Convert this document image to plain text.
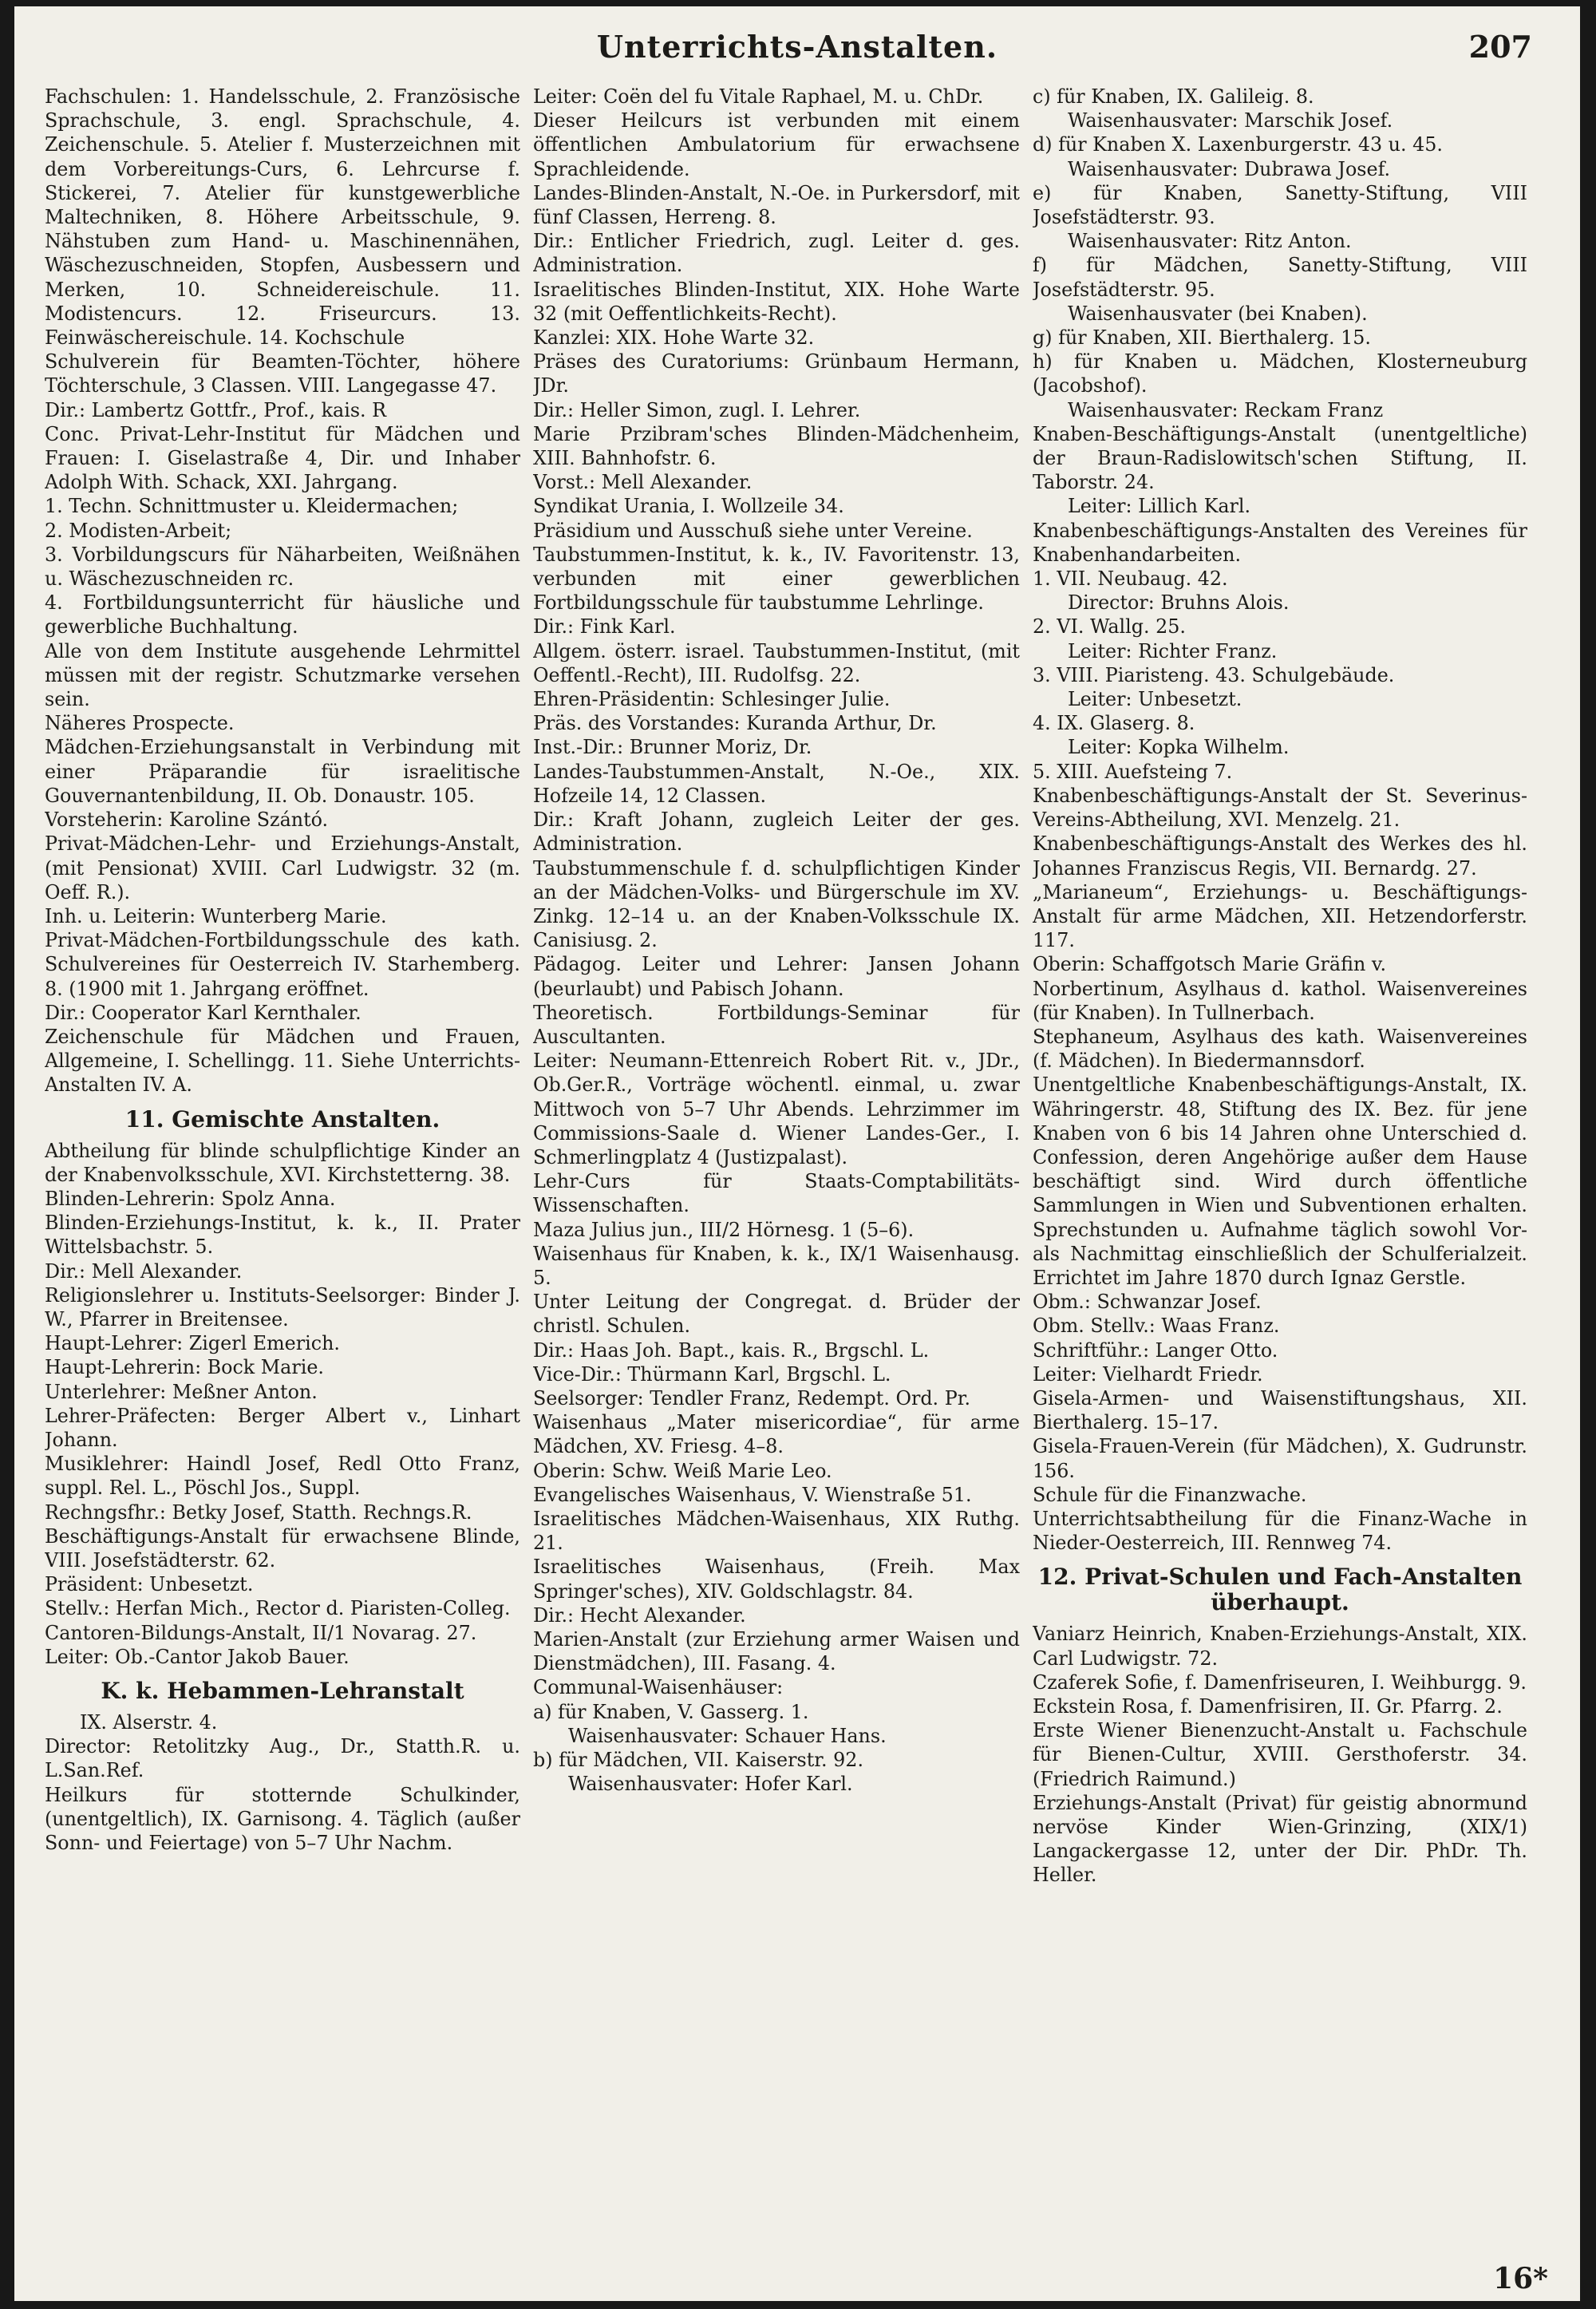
Unterrichts-Anstalten.	207

Fachschulen: 1. Handelsschule, 2. Französische Sprachschule, 3. engl. Sprachschule, 4. Zeichenschule. 5. Atelier f. Musterzeichnen mit dem Vorbereitungs-Curs, 6. Lehrcurse f. Stickerei, 7. Atelier für kunstgewerbliche Maltechniken, 8. Höhere Arbeitsschule, 9. Nähstuben zum Hand- u. Maschinennähen, Wäschezuschneiden, Stopfen, Ausbessern und Merken, 10. Schneidereischule. 11. Modistencurs. 12. Friseurcurs. 13. Feinwäschereischule. 14. Kochschule

Schulverein für Beamten-Töchter, höhere Töchterschule, 3 Classen. VIII. Langegasse 47.

Dir.: Lambertz Gottfr., Prof., kais. R

Conc. Privat-Lehr-Institut für Mädchen und Frauen: I. Giselastraße 4, Dir. und Inhaber Adolph With. Schack, XXI. Jahrgang.

1. Techn. Schnittmuster u. Kleidermachen;

2. Modisten-Arbeit;

3. Vorbildungscurs für Näharbeiten, Weißnähen u. Wäschezuschneiden rc.

4. Fortbildungsunterricht für häusliche und gewerbliche Buchhaltung.

Alle von dem Institute ausgehende Lehrmittel müssen mit der registr. Schutzmarke versehen sein.

Näheres Prospecte.

Mädchen-Erziehungsanstalt in Verbindung mit einer Präparandie für israelitische Gouvernantenbildung, II. Ob. Donaustr. 105.

Vorsteherin: Karoline Szántó.

Privat-Mädchen-Lehr- und Erziehungs-Anstalt, (mit Pensionat) XVIII. Carl Ludwigstr. 32 (m. Oeff. R.).

Inh. u. Leiterin: Wunterberg Marie.

Privat-Mädchen-Fortbildungsschule des kath. Schulvereines für Oesterreich IV. Starhemberg. 8. (1900 mit 1. Jahrgang eröffnet.

Dir.: Cooperator Karl Kernthaler.

Zeichenschule für Mädchen und Frauen, Allgemeine, I. Schellingg. 11. Siehe Unterrichts-Anstalten IV. A.

11. Gemischte Anstalten.

Abtheilung für blinde schulpflichtige Kinder an der Knabenvolksschule, XVI. Kirchstetterng. 38.

Blinden-Lehrerin: Spolz Anna.

Blinden-Erziehungs-Institut, k. k., II. Prater Wittelsbachstr. 5.

Dir.: Mell Alexander.

Religionslehrer u. Instituts-Seelsorger: Binder J. W., Pfarrer in Breitensee.

Haupt-Lehrer: Zigerl Emerich.

Haupt-Lehrerin: Bock Marie.

Unterlehrer: Meßner Anton.

Lehrer-Präfecten: Berger Albert v., Linhart Johann.

Musiklehrer: Haindl Josef, Redl Otto Franz, suppl. Rel. L., Pöschl Jos., Suppl.

Rechngsfhr.: Betky Josef, Statth. Rechngs.R.

Beschäftigungs-Anstalt für erwachsene Blinde, VIII. Josefstädterstr. 62.

Präsident: Unbesetzt.

Stellv.: Herfan Mich., Rector d. Piaristen-Colleg.

Cantoren-Bildungs-Anstalt, II/1 Novarag. 27.

Leiter: Ob.-Cantor Jakob Bauer.

K. k. Hebammen-Lehranstalt

IX. Alserstr. 4.

Director: Retolitzky Aug., Dr., Statth.R. u. L.San.Ref.

Heilkurs für stotternde Schulkinder, (unentgeltlich), IX. Garnisong. 4. Täglich (außer Sonn- und Feiertage) von 5–7 Uhr Nachm.

Leiter: Coën del fu Vitale Raphael, M. u. ChDr.

Dieser Heilcurs ist verbunden mit einem öffentlichen Ambulatorium für erwachsene Sprachleidende.

Landes-Blinden-Anstalt, N.-Oe. in Purkersdorf, mit fünf Classen, Herreng. 8.

Dir.: Entlicher Friedrich, zugl. Leiter d. ges. Administration.

Israelitisches Blinden-Institut, XIX. Hohe Warte 32 (mit Oeffentlichkeits-Recht).

Kanzlei: XIX. Hohe Warte 32.

Präses des Curatoriums: Grünbaum Hermann, JDr.

Dir.: Heller Simon, zugl. I. Lehrer.

Marie Przibram'sches Blinden-Mädchenheim, XIII. Bahnhofstr. 6.

Vorst.: Mell Alexander.

Syndikat Urania, I. Wollzeile 34.

Präsidium und Ausschuß siehe unter Vereine.

Taubstummen-Institut, k. k., IV. Favoritenstr. 13, verbunden mit einer gewerblichen Fortbildungsschule für taubstumme Lehrlinge.

Dir.: Fink Karl.

Allgem. österr. israel. Taubstummen-Institut, (mit Oeffentl.-Recht), III. Rudolfsg. 22.

Ehren-Präsidentin: Schlesinger Julie.

Präs. des Vorstandes: Kuranda Arthur, Dr.

Inst.-Dir.: Brunner Moriz, Dr.

Landes-Taubstummen-Anstalt, N.-Oe., XIX. Hofzeile 14, 12 Classen.

Dir.: Kraft Johann, zugleich Leiter der ges. Administration.

Taubstummenschule f. d. schulpflichtigen Kinder an der Mädchen-Volks- und Bürgerschule im XV. Zinkg. 12–14 u. an der Knaben-Volksschule IX. Canisiusg. 2.

Pädagog. Leiter und Lehrer: Jansen Johann (beurlaubt) und Pabisch Johann.

Theoretisch. Fortbildungs-Seminar für Auscultanten.

Leiter: Neumann-Ettenreich Robert Rit. v., JDr., Ob.Ger.R., Vorträge wöchentl. einmal, u. zwar Mittwoch von 5–7 Uhr Abends. Lehrzimmer im Commissions-Saale d. Wiener Landes-Ger., I. Schmerlingplatz 4 (Justizpalast).

Lehr-Curs für Staats-Comptabilitäts-Wissenschaften.

Maza Julius jun., III/2 Hörnesg. 1 (5–6).

Waisenhaus für Knaben, k. k., IX/1 Waisenhausg. 5.

Unter Leitung der Congregat. d. Brüder der christl. Schulen.

Dir.: Haas Joh. Bapt., kais. R., Brgschl. L.

Vice-Dir.: Thürmann Karl, Brgschl. L.

Seelsorger: Tendler Franz, Redempt. Ord. Pr.

Waisenhaus „Mater misericordiae“, für arme Mädchen, XV. Friesg. 4–8.

Oberin: Schw. Weiß Marie Leo.

Evangelisches Waisenhaus, V. Wienstraße 51.

Israelitisches Mädchen-Waisenhaus, XIX Ruthg. 21.

Israelitisches Waisenhaus, (Freih. Max Springer'sches), XIV. Goldschlagstr. 84.

Dir.: Hecht Alexander.

Marien-Anstalt (zur Erziehung armer Waisen und Dienstmädchen), III. Fasang. 4.

Communal-Waisenhäuser:

a) für Knaben, V. Gasserg. 1.

Waisenhausvater: Schauer Hans.

b) für Mädchen, VII. Kaiserstr. 92.

Waisenhausvater: Hofer Karl.

c) für Knaben, IX. Galileig. 8.

Waisenhausvater: Marschik Josef.

d) für Knaben X. Laxenburgerstr. 43 u. 45.

Waisenhausvater: Dubrawa Josef.

e) für Knaben, Sanetty-Stiftung, VIII Josefstädterstr. 93.

Waisenhausvater: Ritz Anton.

f) für Mädchen, Sanetty-Stiftung, VIII Josefstädterstr. 95.

Waisenhausvater (bei Knaben).

g) für Knaben, XII. Bierthalerg. 15.

h) für Knaben u. Mädchen, Klosterneuburg (Jacobshof).

Waisenhausvater: Reckam Franz

Knaben-Beschäftigungs-Anstalt (unentgeltliche) der Braun-Radislowitsch'schen Stiftung, II. Taborstr. 24.

Leiter: Lillich Karl.

Knabenbeschäftigungs-Anstalten des Vereines für Knabenhandarbeiten.

1. VII. Neubaug. 42.

Director: Bruhns Alois.

2. VI. Wallg. 25.

Leiter: Richter Franz.

3. VIII. Piaristeng. 43. Schulgebäude.

Leiter: Unbesetzt.

4. IX. Glaserg. 8.

Leiter: Kopka Wilhelm.

5. XIII. Auefsteing 7.

Knabenbeschäftigungs-Anstalt der St. Severinus-Vereins-Abtheilung, XVI. Menzelg. 21.

Knabenbeschäftigungs-Anstalt des Werkes des hl. Johannes Franziscus Regis, VII. Bernardg. 27.

„Marianeum“, Erziehungs- u. Beschäftigungs-Anstalt für arme Mädchen, XII. Hetzendorferstr. 117.

Oberin: Schaffgotsch Marie Gräfin v.

Norbertinum, Asylhaus d. kathol. Waisenvereines (für Knaben). In Tullnerbach.

Stephaneum, Asylhaus des kath. Waisenvereines (f. Mädchen). In Biedermannsdorf.

Unentgeltliche Knabenbeschäftigungs-Anstalt, IX. Währingerstr. 48, Stiftung des IX. Bez. für jene Knaben von 6 bis 14 Jahren ohne Unterschied d. Confession, deren Angehörige außer dem Hause beschäftigt sind. Wird durch öffentliche Sammlungen in Wien und Subventionen erhalten. Sprechstunden u. Aufnahme täglich sowohl Vor- als Nachmittag einschließlich der Schulferialzeit. Errichtet im Jahre 1870 durch Ignaz Gerstle.

Obm.: Schwanzar Josef.

Obm. Stellv.: Waas Franz.

Schriftführ.: Langer Otto.

Leiter: Vielhardt Friedr.

Gisela-Armen- und Waisenstiftungshaus, XII. Bierthalerg. 15–17.

Gisela-Frauen-Verein (für Mädchen), X. Gudrunstr. 156.

Schule für die Finanzwache.

Unterrichtsabtheilung für die Finanz-Wache in Nieder-Oesterreich, III. Rennweg 74.

12. Privat-Schulen und Fach-Anstalten überhaupt.

Vaniarz Heinrich, Knaben-Erziehungs-Anstalt, XIX. Carl Ludwigstr. 72.

Czaferek Sofie, f. Damenfriseuren, I. Weihburgg. 9.

Eckstein Rosa, f. Damenfrisiren, II. Gr. Pfarrg. 2.

Erste Wiener Bienenzucht-Anstalt u. Fachschule für Bienen-Cultur, XVIII. Gersthoferstr. 34. (Friedrich Raimund.)

Erziehungs-Anstalt (Privat) für geistig abnormund nervöse Kinder Wien-Grinzing, (XIX/1) Langackergasse 12, unter der Dir. PhDr. Th. Heller.

16*
